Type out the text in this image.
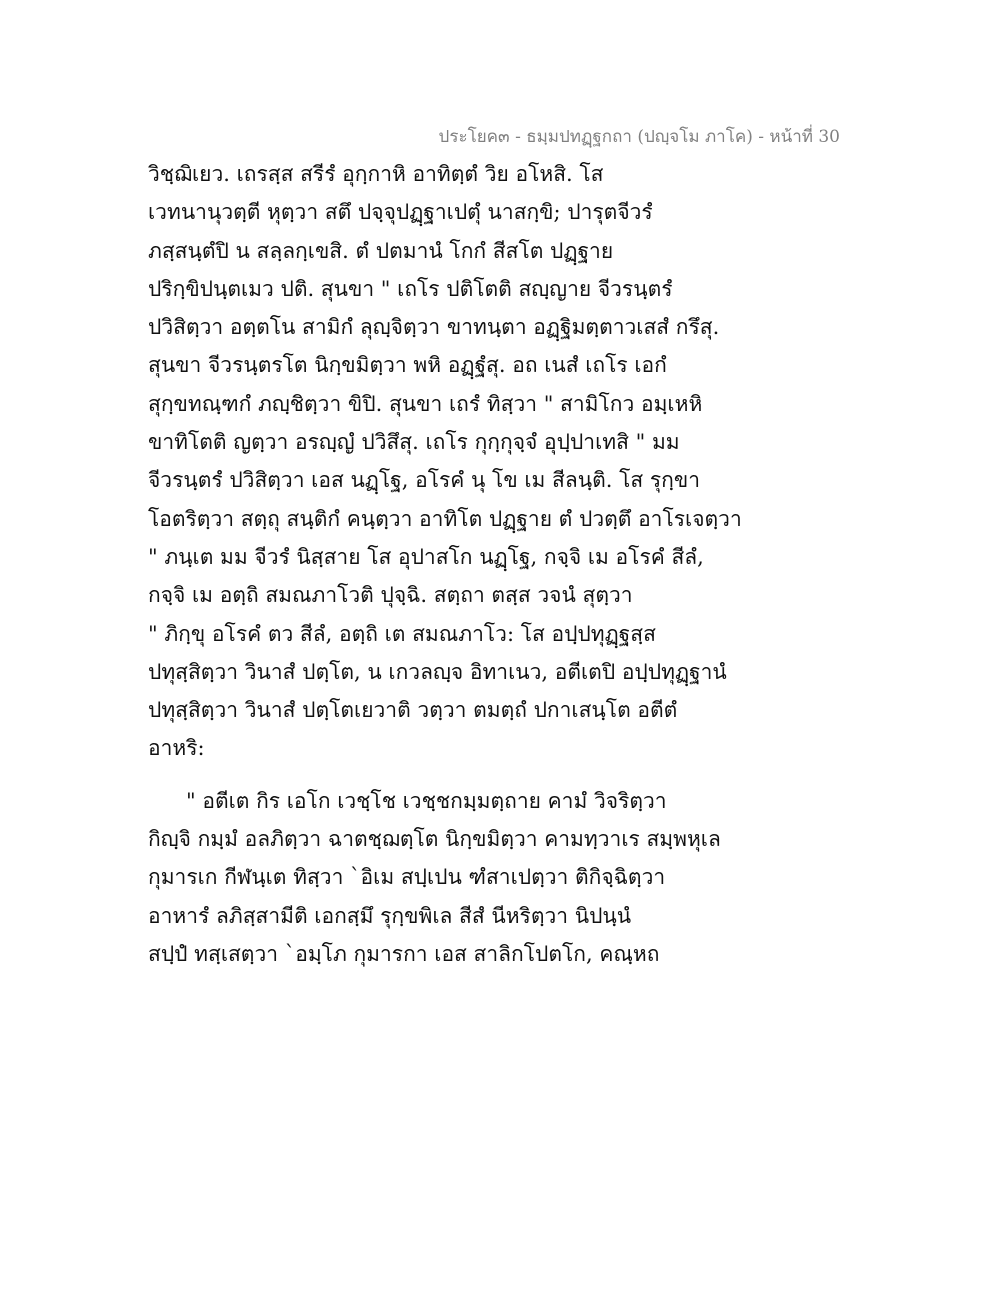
ประโยค๓ - ธมฺมปทฏฺฐกถา (ปญฺจโม ภาโค) - หน้าที่ 30
วิชฺฌิเยว. เถรสฺส สรีรํ อุกฺกาหิ อาทิตฺตํ วิย อโหสิ. โส
เวทนานุวตฺตี หุตฺวา สตึ ปจฺจุปฏฺฐาเปตุํ นาสกฺขิ; ปารุตจีวรํ
ภสฺสนฺตํปิ น สลฺลกฺเขสิ. ตํ ปตมานํ โกกํ สีสโต ปฏฺฐาย
ปริกฺขิปนฺตเมว ปติ. สุนขา " เถโร ปติโตติ สญฺญาย จีวรนฺตรํ
ปวิสิตฺวา อตฺตโน สามิกํ ลุญฺจิตฺวา ขาทนฺตา อฏฺฐิมตฺตาวเสสํ กรึสุ.
สุนขา จีวรนฺตรโต นิกฺขมิตฺวา พหิ อฏฺฐํสุ. อถ เนสํ เถโร เอกํ
สุกฺขทณฺฑกํ ภญฺชิตฺวา ขิปิ. สุนขา เถรํ ทิสฺวา " สามิโกว อมฺเหหิ
ขาทิโตติ ญตฺวา อรญฺญํ ปวิสึสุ. เถโร กุกฺกุจฺจํ อุปฺปาเทสิ " มม
จีวรนฺตรํ ปวิสิตฺวา เอส นฏฺโฐ, อโรคํ นุ โข เม สีลนฺติ. โส รุกฺขา
โอตริตฺวา สตฺถุ สนฺติกํ คนฺตฺวา อาทิโต ปฏฺฐาย ตํ ปวตฺตึ อาโรเจตฺวา
" ภนฺเต มม จีวรํ นิสฺสาย โส อุปาสโก นฏฺโฐ, กจฺจิ เม อโรคํ สีลํ,
กจฺจิ เม อตฺถิ สมณภาโวติ ปุจฺฉิ. สตฺถา ตสฺส วจนํ สุตฺวา
" ภิกฺขุ อโรคํ ตว สีลํ, อตฺถิ เต สมณภาโว: โส อปฺปทุฏฺฐสฺส
ปทุสฺสิตฺวา วินาสํ ปตฺโต, น เกวลญฺจ อิทาเนว, อตีเตปิ อปฺปทุฏฺฐานํ
ปทุสฺสิตฺวา วินาสํ ปตฺโตเยวาติ วตฺวา ตมตฺถํ ปกาเสนฺโต อตีตํ
อาหริ:
" อตีเต กิร เอโก เวชฺโช เวชฺชกมฺมตฺถาย คามํ วิจริตฺวา
กิญฺจิ กมฺมํ อลภิตฺวา ฉาตชฺฌตฺโต นิกฺขมิตฺวา คามทฺวาเร สมฺพหุเล
กุมารเก กีฬนฺเต ทิสฺวา `อิเม สปฺเปน ฑํสาเปตฺวา ติกิจฺฉิตฺวา
อาหารํ ลภิสฺสามีติ เอกสฺมึ รุกฺขพิเล สีสํ นีหริตฺวา นิปนฺนํ
สปฺปํ ทสฺเสตฺวา `อมฺโภ กุมารกา เอส สาลิกโปตโก, คณฺหถ
